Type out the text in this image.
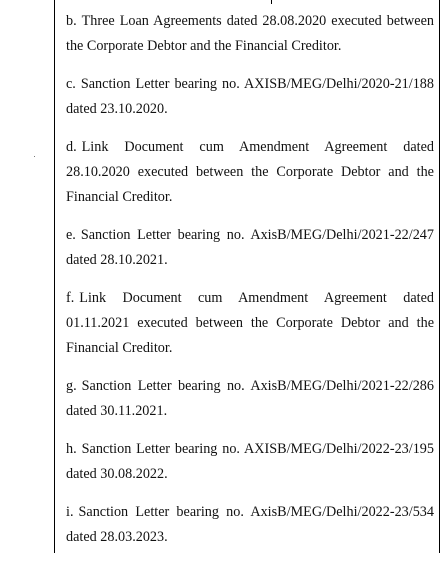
b. Three Loan Agreements dated 28.08.2020 executed between the Corporate Debtor and the Financial Creditor.
c. Sanction Letter bearing no. AXISB/MEG/Delhi/2020-21/188 dated 23.10.2020.
d. Link Document cum Amendment Agreement dated 28.10.2020 executed between the Corporate Debtor and the Financial Creditor.
e. Sanction Letter bearing no. AxisB/MEG/Delhi/2021-22/247 dated 28.10.2021.
f. Link Document cum Amendment Agreement dated 01.11.2021 executed between the Corporate Debtor and the Financial Creditor.
g. Sanction Letter bearing no. AxisB/MEG/Delhi/2021-22/286 dated 30.11.2021.
h. Sanction Letter bearing no. AXISB/MEG/Delhi/2022-23/195 dated 30.08.2022.
i. Sanction Letter bearing no. AxisB/MEG/Delhi/2022-23/534 dated 28.03.2023.
